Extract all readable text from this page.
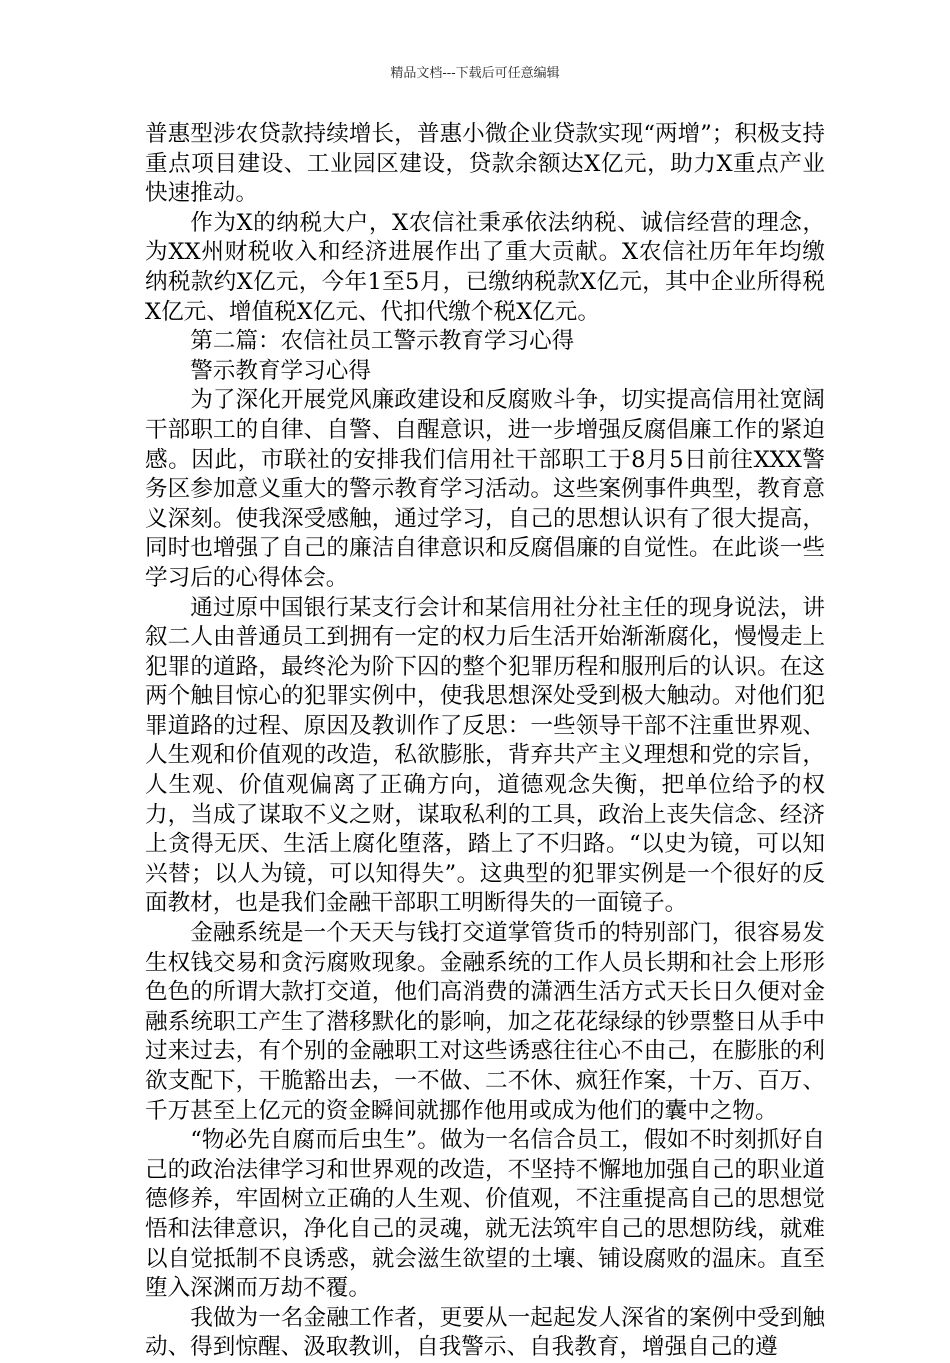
精品文档---下载后可任意编辑

普惠型涉农贷款持续增长，普惠小微企业贷款实现“两增”；积极支持重点项目建设、工业园区建设，贷款余额达X亿元，助力X重点产业快速推动。

作为X的纳税大户，X农信社秉承依法纳税、诚信经营的理念，为XX州财税收入和经济进展作出了重大贡献。X农信社历年年均缴纳税款约X亿元，今年1至5月，已缴纳税款X亿元，其中企业所得税X亿元、增值税X亿元、代扣代缴个税X亿元。

第二篇：农信社员工警示教育学习心得

警示教育学习心得

为了深化开展党风廉政建设和反腐败斗争，切实提高信用社宽阔干部职工的自律、自警、自醒意识，进一步增强反腐倡廉工作的紧迫感。因此，市联社的安排我们信用社干部职工于8月5日前往XXX警务区参加意义重大的警示教育学习活动。这些案例事件典型，教育意义深刻。使我深受感触，通过学习，自己的思想认识有了很大提高，同时也增强了自己的廉洁自律意识和反腐倡廉的自觉性。在此谈一些学习后的心得体会。

通过原中国银行某支行会计和某信用社分社主任的现身说法，讲叙二人由普通员工到拥有一定的权力后生活开始渐渐腐化，慢慢走上犯罪的道路，最终沦为阶下囚的整个犯罪历程和服刑后的认识。在这两个触目惊心的犯罪实例中，使我思想深处受到极大触动。对他们犯罪道路的过程、原因及教训作了反思：一些领导干部不注重世界观、人生观和价值观的改造，私欲膨胀，背弃共产主义理想和党的宗旨，人生观、价值观偏离了正确方向，道德观念失衡，把单位给予的权力，当成了谋取不义之财，谋取私利的工具，政治上丧失信念、经济上贪得无厌、生活上腐化堕落，踏上了不归路。“以史为镜，可以知兴替；以人为镜，可以知得失”。这典型的犯罪实例是一个很好的反面教材，也是我们金融干部职工明断得失的一面镜子。

金融系统是一个天天与钱打交道掌管货币的特别部门，很容易发生权钱交易和贪污腐败现象。金融系统的工作人员长期和社会上形形色色的所谓大款打交道，他们高消费的潇洒生活方式天长日久便对金融系统职工产生了潜移默化的影响，加之花花绿绿的钞票整日从手中过来过去，有个别的金融职工对这些诱惑往往心不由己，在膨胀的利欲支配下，干脆豁出去，一不做、二不休、疯狂作案，十万、百万、千万甚至上亿元的资金瞬间就挪作他用或成为他们的囊中之物。

“物必先自腐而后虫生”。做为一名信合员工，假如不时刻抓好自己的政治法律学习和世界观的改造，不坚持不懈地加强自己的职业道德修养，牢固树立正确的人生观、价值观，不注重提高自己的思想觉悟和法律意识，净化自己的灵魂，就无法筑牢自己的思想防线，就难以自觉抵制不良诱惑，就会滋生欲望的土壤、铺设腐败的温床。直至堕入深渊而万劫不覆。

我做为一名金融工作者，更要从一起起发人深省的案例中受到触动、得到惊醒、汲取教训，自我警示、自我教育，增强自己的遵
